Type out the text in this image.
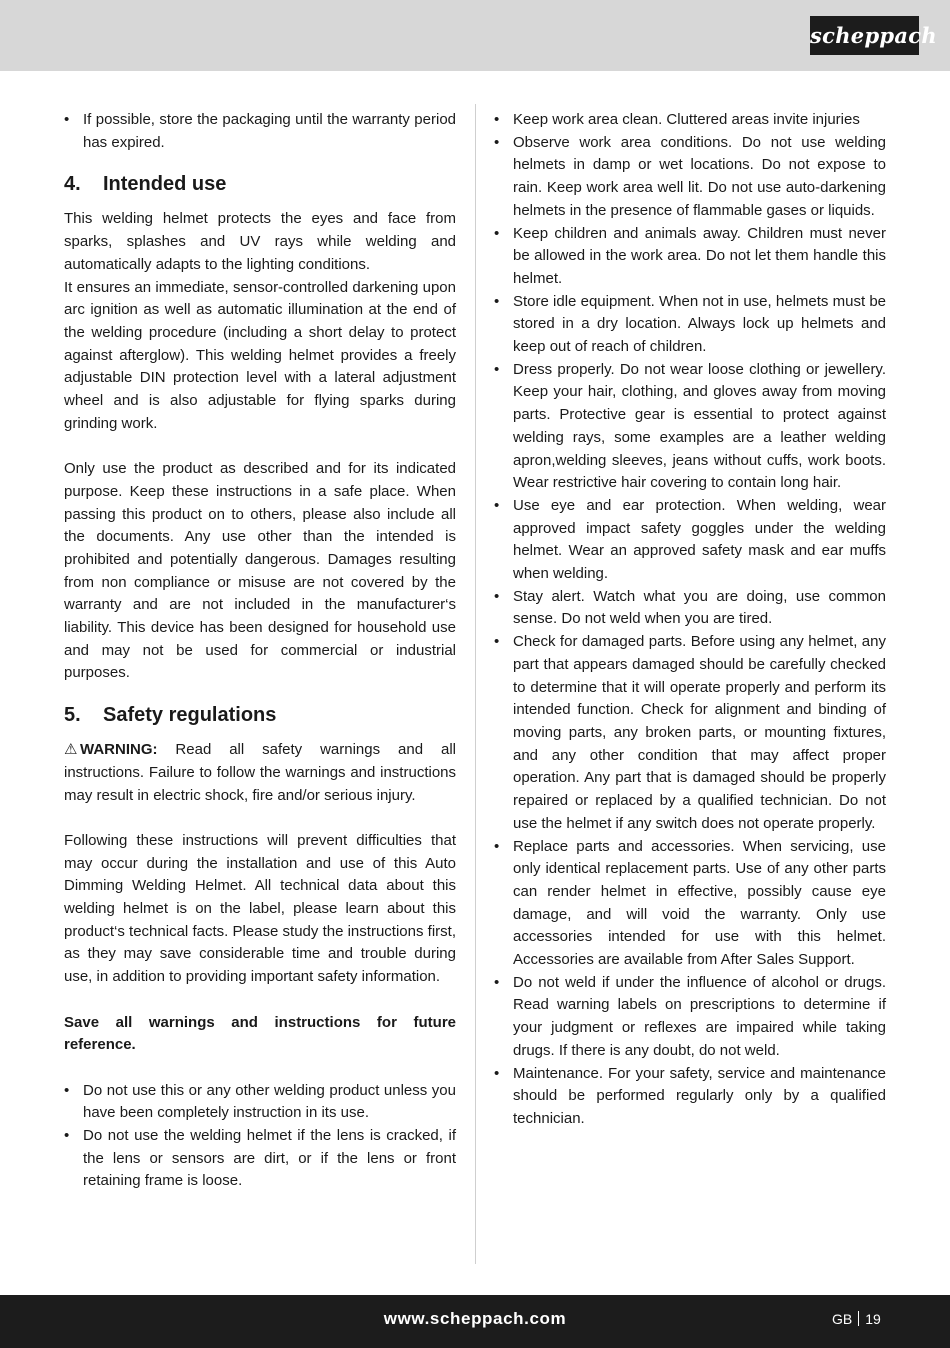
scheppach
• If possible, store the packaging until the warranty period has expired.
4. Intended use

This welding helmet protects the eyes and face from sparks, splashes and UV rays while welding and automatically adapts to the lighting conditions.

It ensures an immediate, sensor-controlled darkening upon arc ignition as well as automatic illumination at the end of the welding procedure (including a short delay to protect against afterglow). This welding helmet provides a freely adjustable DIN protection level with a lateral adjustment wheel and is also adjustable for flying sparks during grinding work.

Only use the product as described and for its indicated purpose. Keep these instructions in a safe place. When passing this product on to others, please also include all the documents. Any use other than the intended is prohibited and potentially dangerous. Damages resulting from non compliance or misuse are not covered by the warranty and are not included in the manufacturer‘s liability. This device has been designed for household use and may not be used for commercial or industrial purposes.

5. Safety regulations

⚠ WARNING: Read all safety warnings and all instructions. Failure to follow the warnings and instructions may result in electric shock, fire and/or serious injury.

Following these instructions will prevent difficulties that may occur during the installation and use of this Auto Dimming Welding Helmet. All technical data about this welding helmet is on the label, please learn about this product‘s technical facts. Please study the instructions first, as they may save considerable time and trouble during use, in addition to providing important safety information.

Save all warnings and instructions for future reference.

• Do not use this or any other welding product unless you have been completely instruction in its use.
• Do not use the welding helmet if the lens is cracked, if the lens or sensors are dirt, or if the lens or front retaining frame is loose.
• Keep work area clean. Cluttered areas invite injuries
• Observe work area conditions. Do not use welding helmets in damp or wet locations. Do not expose to rain. Keep work area well lit. Do not use auto-darkening helmets in the presence of flammable gases or liquids.
• Keep children and animals away. Children must never be allowed in the work area. Do not let them handle this helmet.
• Store idle equipment. When not in use, helmets must be stored in a dry location. Always lock up helmets and keep out of reach of children.
• Dress properly. Do not wear loose clothing or jewellery. Keep your hair, clothing, and gloves away from moving parts. Protective gear is essential to protect against welding rays, some examples are a leather welding apron,welding sleeves, jeans without cuffs, work boots. Wear restrictive hair covering to contain long hair.
• Use eye and ear protection. When welding, wear approved impact safety goggles under the welding helmet. Wear an approved safety mask and ear muffs when welding.
• Stay alert. Watch what you are doing, use common sense. Do not weld when you are tired.
• Check for damaged parts. Before using any helmet, any part that appears damaged should be carefully checked to determine that it will operate properly and perform its intended function. Check for alignment and binding of moving parts, any broken parts, or mounting fixtures, and any other condition that may affect proper operation. Any part that is damaged should be properly repaired or replaced by a qualified technician. Do not use the helmet if any switch does not operate properly.
• Replace parts and accessories. When servicing, use only identical replacement parts. Use of any other parts can render helmet in effective, possibly cause eye damage, and will void the warranty. Only use accessories intended for use with this helmet. Accessories are available from After Sales Support.
• Do not weld if under the influence of alcohol or drugs. Read warning labels on prescriptions to determine if your judgment or reflexes are impaired while taking drugs. If there is any doubt, do not weld.
• Maintenance. For your safety, service and maintenance should be performed regularly only by a qualified technician.
www.scheppach.com	GB 19
